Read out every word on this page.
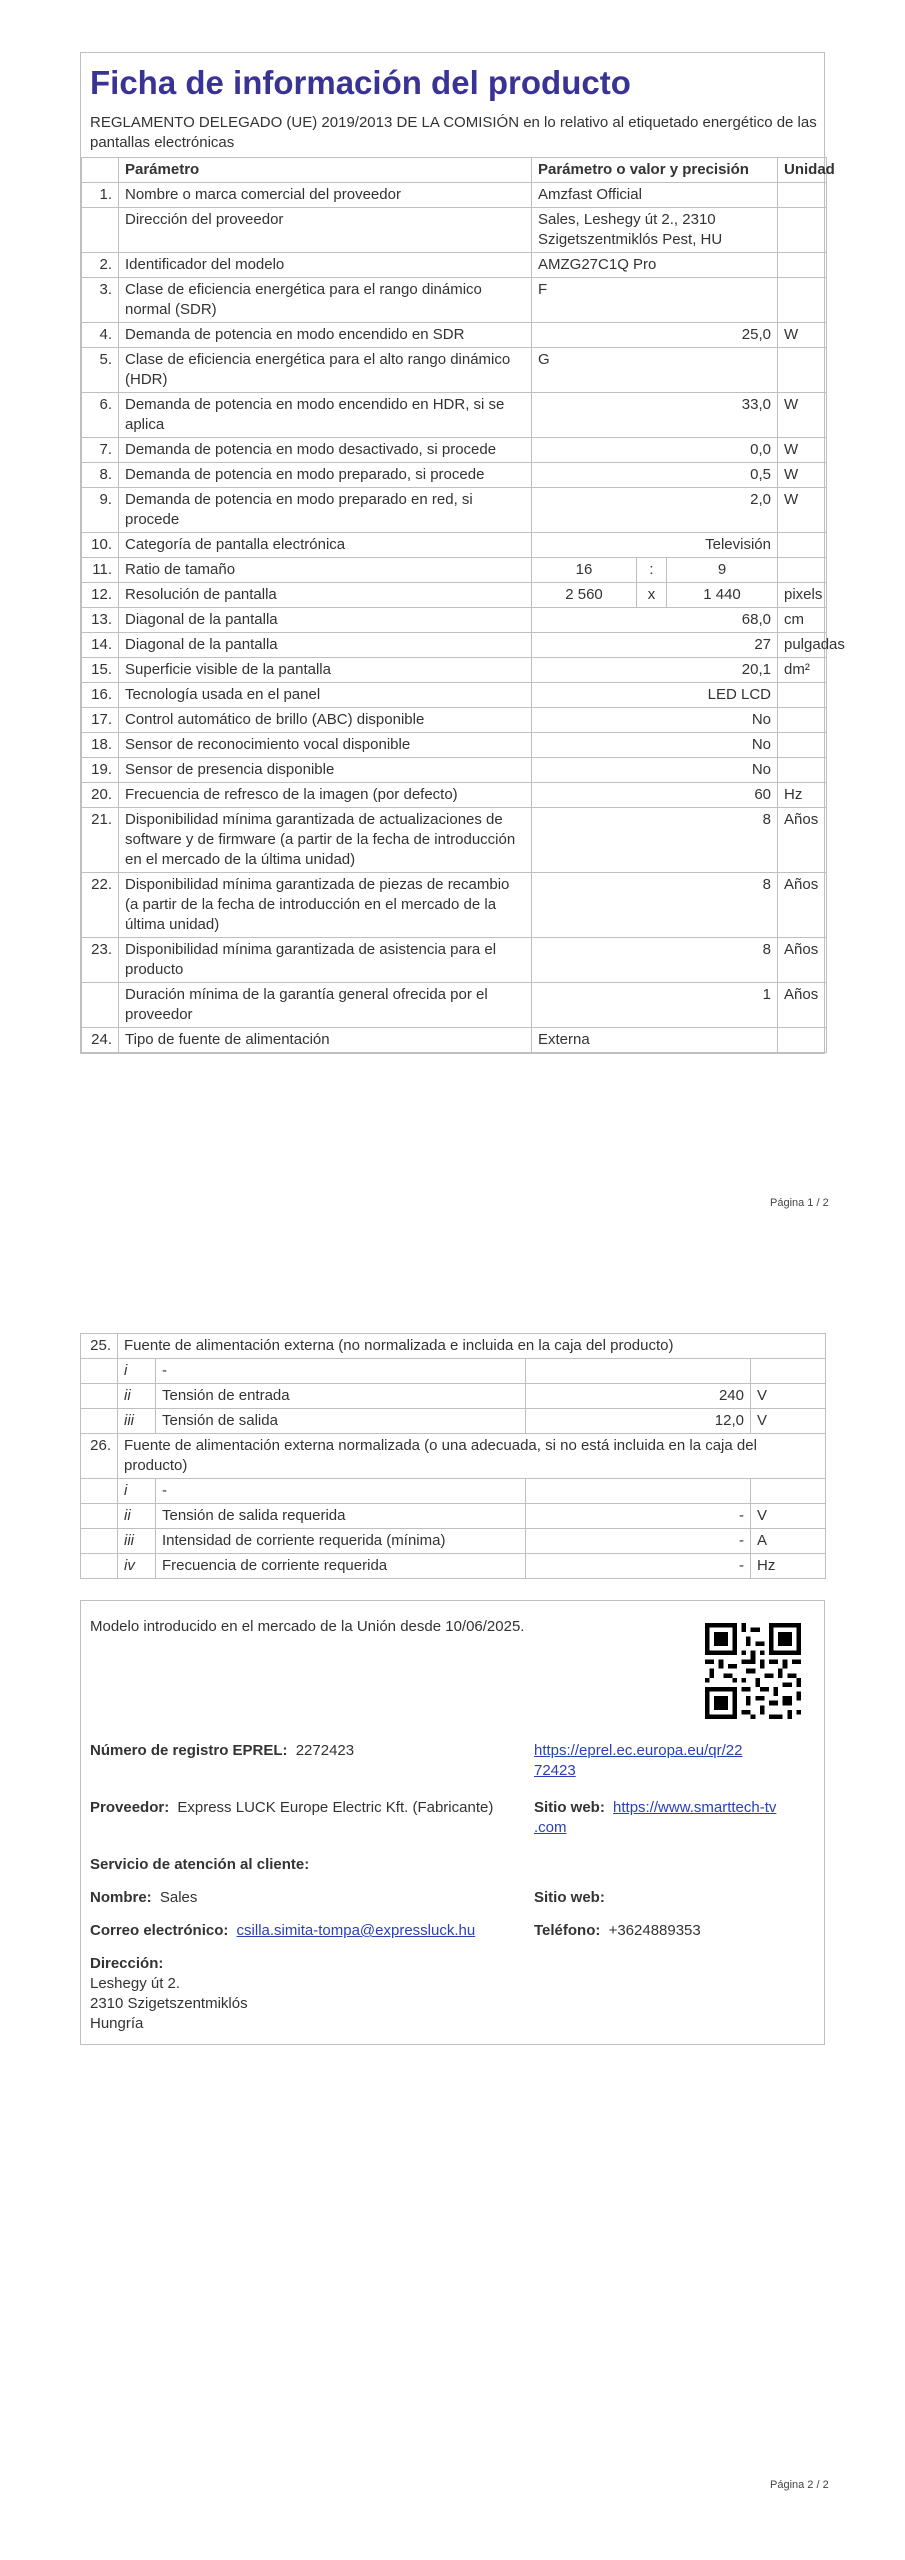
Ficha de información del producto
REGLAMENTO DELEGADO (UE) 2019/2013 DE LA COMISIÓN en lo relativo al etiquetado energético de las pantallas electrónicas
	Parámetro	Parámetro o valor y precisión			Unidad
1.	Nombre o marca comercial del proveedor	Amzfast Official			
	Dirección del proveedor	Sales, Leshegy út 2., 2310 Szigetszentmiklós Pest, HU			
2.	Identificador del modelo	AMZG27C1Q Pro			
3.	Clase de eficiencia energética para el rango dinámico normal (SDR)	F			
4.	Demanda de potencia en modo encendido en SDR	25,0			W
5.	Clase de eficiencia energética para el alto rango dinámico (HDR)	G			
6.	Demanda de potencia en modo encendido en HDR, si se aplica	33,0			W
7.	Demanda de potencia en modo desactivado, si procede	0,0			W
8.	Demanda de potencia en modo preparado, si procede	0,5			W
9.	Demanda de potencia en modo preparado en red, si procede	2,0			W
10.	Categoría de pantalla electrónica	Televisión			
11.	Ratio de tamaño	16	:	9	
12.	Resolución de pantalla	2 560	x	1 440	pixels
13.	Diagonal de la pantalla	68,0			cm
14.	Diagonal de la pantalla	27			pulgadas
15.	Superficie visible de la pantalla	20,1			dm²
16.	Tecnología usada en el panel	LED LCD			
17.	Control automático de brillo (ABC) disponible	No			
18.	Sensor de reconocimiento vocal disponible	No			
19.	Sensor de presencia disponible	No			
20.	Frecuencia de refresco de la imagen (por defecto)	60			Hz
21.	Disponibilidad mínima garantizada de actualizaciones de software y de firmware (a partir de la fecha de introducción en el mercado de la última unidad)	8			Años
22.	Disponibilidad mínima garantizada de piezas de recambio (a partir de la fecha de introducción en el mercado de la última unidad)	8			Años
23.	Disponibilidad mínima garantizada de asistencia para el producto	8			Años
	Duración mínima de la garantía general ofrecida por el proveedor	1			Años
24.	Tipo de fuente de alimentación	Externa			
Página 1 / 2
25.	Fuente de alimentación externa (no normalizada e incluida en la caja del producto)			
	i	-		
	ii	Tensión de entrada	240	V
	iii	Tensión de salida	12,0	V
26.	Fuente de alimentación externa normalizada (o una adecuada, si no está incluida en la caja del producto)			
	i	-		
	ii	Tensión de salida requerida	-	V
	iii	Intensidad de corriente requerida (mínima)	-	A
	iv	Frecuencia de corriente requerida	-	Hz
Modelo introducido en el mercado de la Unión desde 10/06/2025.
Número de registro EPREL: 2272423	https://eprel.ec.europa.eu/qr/22
72423
Proveedor: Express LUCK Europe Electric Kft. (Fabricante)	Sitio web: https://www.smarttech-tv
.com
Servicio de atención al cliente:
Nombre: Sales	Sitio web:
Correo electrónico: csilla.simita-tompa@expressluck.hu	Teléfono: +3624889353
Dirección:
Leshegy út 2.
2310 Szigetszentmiklós
Hungría
Página 2 / 2
